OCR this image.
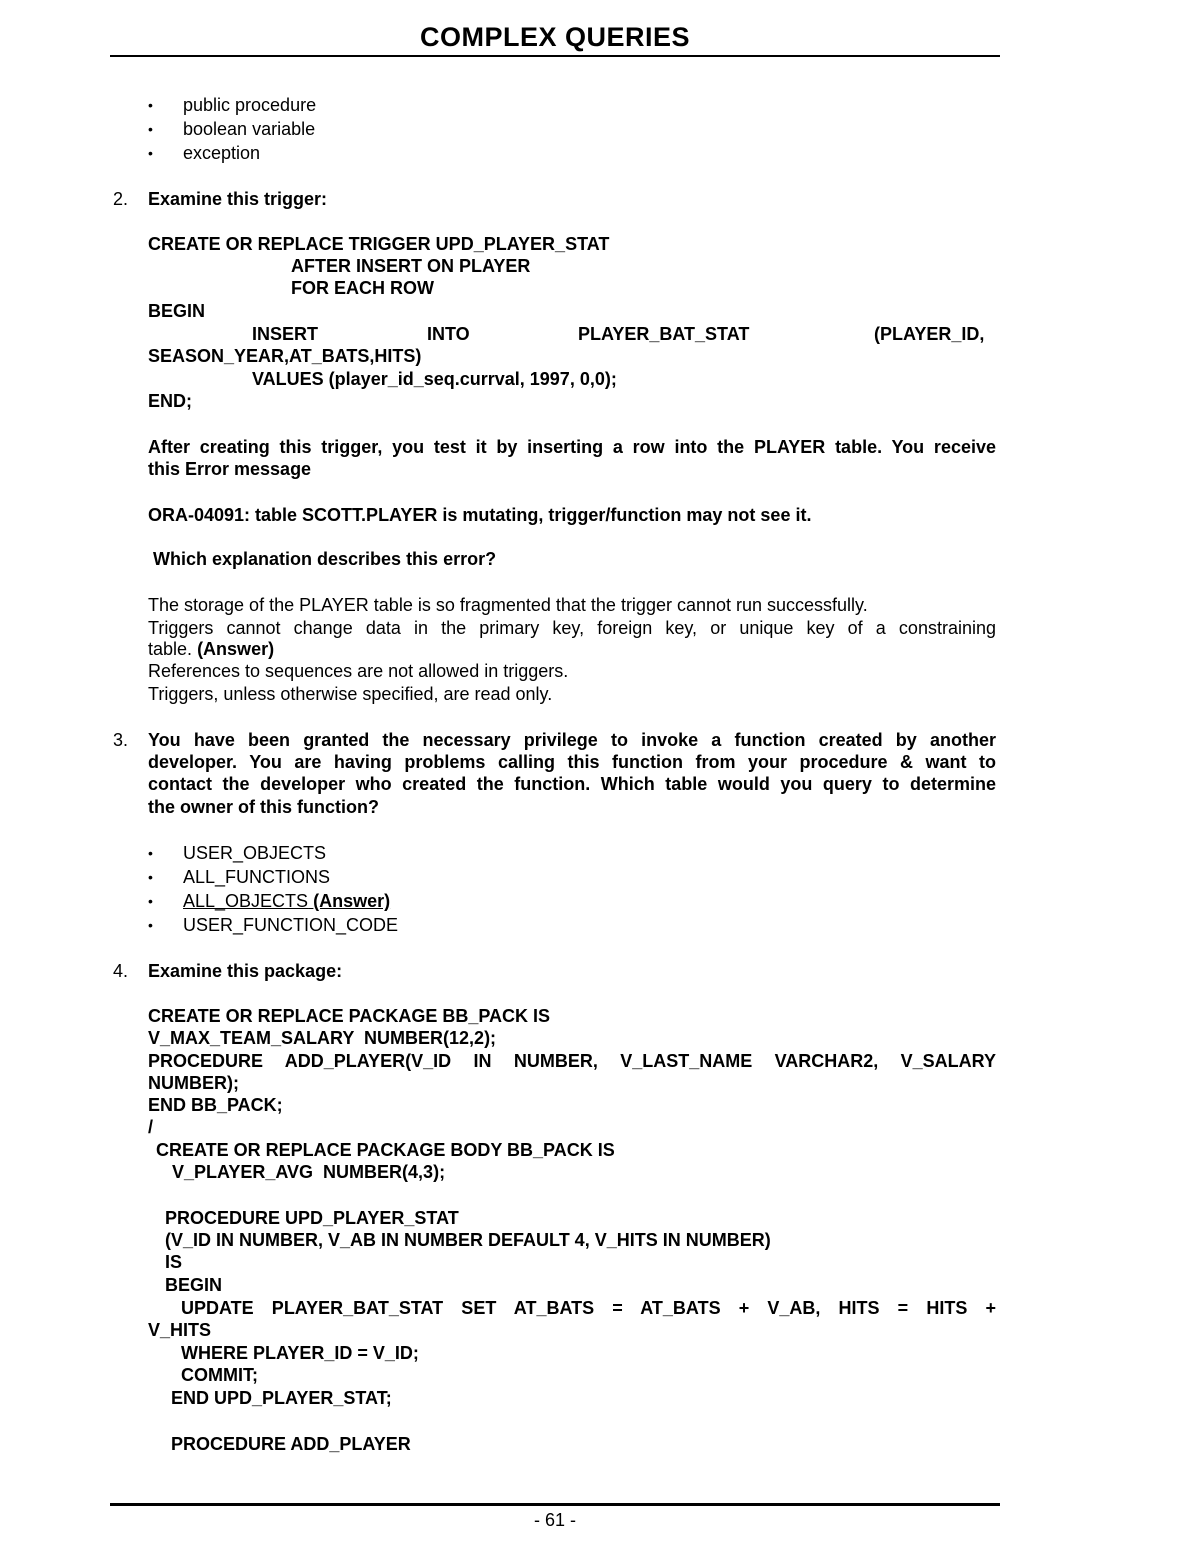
COMPLEX QUERIES
• public procedure
• boolean variable
• exception
2. Examine this trigger:
CREATE OR REPLACE TRIGGER UPD_PLAYER_STAT
AFTER INSERT ON PLAYER
FOR EACH ROW
BEGIN
INSERT	INTO	PLAYER_BAT_STAT	(PLAYER_ID,
SEASON_YEAR,AT_BATS,HITS)
VALUES (player_id_seq.currval, 1997, 0,0);
END;
After creating this trigger, you test it by inserting a row into the PLAYER table. You receive
this Error message
ORA-04091: table SCOTT.PLAYER is mutating, trigger/function may not see it.
Which explanation describes this error?
The storage of the PLAYER table is so fragmented that the trigger cannot run successfully.
Triggers cannot change data in the primary key, foreign key, or unique key of a constraining
table. (Answer)
References to sequences are not allowed in triggers.
Triggers, unless otherwise specified, are read only.
3. You have been granted the necessary privilege to invoke a function created by another
developer. You are having problems calling this function from your procedure & want to
contact the developer who created the function. Which table would you query to determine
the owner of this function?
• USER_OBJECTS
• ALL_FUNCTIONS
• ALL_OBJECTS (Answer)
• USER_FUNCTION_CODE
4. Examine this package:
CREATE OR REPLACE PACKAGE BB_PACK IS
V_MAX_TEAM_SALARY  NUMBER(12,2);
PROCEDURE ADD_PLAYER(V_ID IN NUMBER, V_LAST_NAME VARCHAR2, V_SALARY
NUMBER);
END BB_PACK;
/
CREATE OR REPLACE PACKAGE BODY BB_PACK IS
V_PLAYER_AVG  NUMBER(4,3);
PROCEDURE UPD_PLAYER_STAT
(V_ID IN NUMBER, V_AB IN NUMBER DEFAULT 4, V_HITS IN NUMBER)
IS
BEGIN
UPDATE PLAYER_BAT_STAT SET AT_BATS = AT_BATS + V_AB, HITS = HITS +
V_HITS
WHERE PLAYER_ID = V_ID;
COMMIT;
END UPD_PLAYER_STAT;
PROCEDURE ADD_PLAYER
- 61 -
